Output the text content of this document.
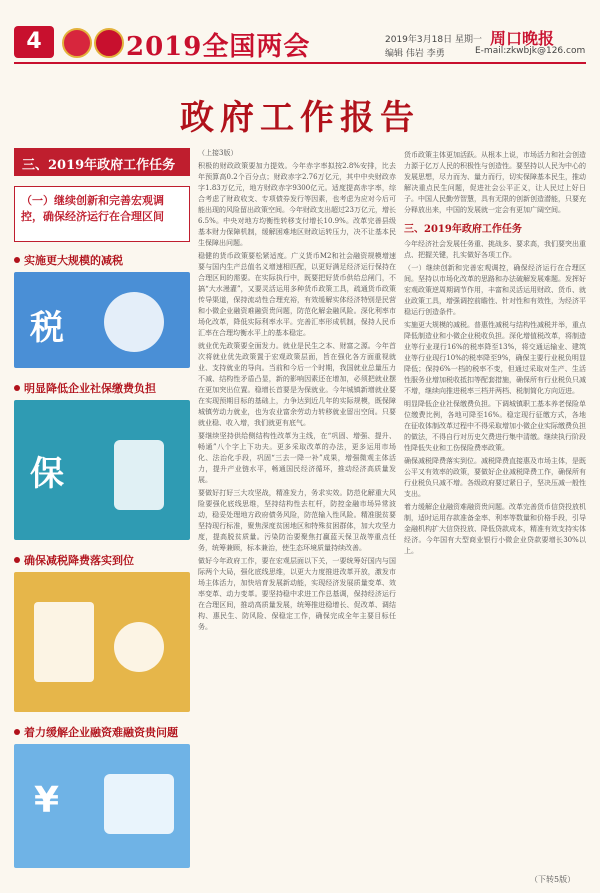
4	2019全国两会	2019年3月18日 星期一 周口晚报
编辑 伟岩 李勇	E-mail:zkwbjk@126.com
政府工作报告
三、2019年政府工作任务
（一）继续创新和完善宏观调控，确保经济运行在合理区间
实施更大规模的减税
税
明显降低企业社保缴费负担
保
确保减税降费落实到位
着力缓解企业融资难融资贵问题
¥
（上接3版）

积极的财政政策要加力提效。今年赤字率拟按2.8%安排，比去年预算高0.2个百分点；财政赤字2.76万亿元，其中中央财政赤字1.83万亿元，地方财政赤字9300亿元。适度提高赤字率，综合考虑了财政收支、专项债券发行等因素，也考虑为应对今后可能出现的风险留出政策空间。今年财政支出超过23万亿元，增长6.5%。中央对地方均衡性转移支付增长10.9%。改革完善县级基本财力保障机制，缓解困难地区财政运转压力，决不让基本民生保障出问题。

稳健的货币政策要松紧适度。广义货币M2和社会融资规模增速要与国内生产总值名义增速相匹配，以更好满足经济运行保持在合理区间的需要。在实际执行中，既要把好货币供给总闸门，不搞“大水漫灌”，又要灵活运用多种货币政策工具，疏通货币政策传导渠道，保持流动性合理充裕，有效缓解实体经济特别是民营和小微企业融资难融资贵问题，防范化解金融风险。深化利率市场化改革，降低实际利率水平。完善汇率形成机制，保持人民币汇率在合理均衡水平上的基本稳定。

就业优先政策要全面发力。就业是民生之本、财富之源。今年首次将就业优先政策置于宏观政策层面，旨在强化各方面重视就业、支持就业的导向。当前和今后一个时期，我国就业总量压力不减、结构性矛盾凸显，新的影响因素还在增加，必须把就业摆在更加突出位置。稳增长首要是为保就业。今年城镇新增就业要在实现预期目标的基础上，力争达到近几年的实际规模，既保障城镇劳动力就业，也为农业富余劳动力转移就业留出空间。只要就业稳、收入增，我们就更有底气。

要继续坚持供给侧结构性改革为主线，在“巩固、增强、提升、畅通”八个字上下功夫。更多采取改革的办法，更多运用市场化、法治化手段，巩固“三去一降一补”成果，增强微观主体活力，提升产业链水平，畅通国民经济循环，推动经济高质量发展。

要做好打好三大攻坚战，精准发力，务求实效。防范化解重大风险要强化底线思维，坚持结构性去杠杆，防控金融市场异常波动，稳妥处理地方政府债务风险，防范输入性风险。精准脱贫要坚持现行标准，聚焦深度贫困地区和特殊贫困群体，加大攻坚力度，提高脱贫质量。污染防治要聚焦打赢蓝天保卫战等重点任务，统筹兼顾，标本兼治，使生态环境质量持续改善。

做好今年政府工作，要在宏观层面以下关，一要统筹好国内与国际两个大局，强化底线思维，以更大力度推进改革开放，激发市场主体活力，加快培育发展新动能，实现经济发展质量变革、效率变革、动力变革。要坚持稳中求进工作总基调，保持经济运行在合理区间，推动高质量发展，统筹推进稳增长、促改革、调结构、惠民生、防风险、保稳定工作，确保完成全年主要目标任务。

货币政策主体更加活跃。从根本上说，市场活力和社会创造力源于亿万人民的积极性与创造性。要坚持以人民为中心的发展思想，尽力而为、量力而行，切实保障基本民生，推动解决重点民生问题，促进社会公平正义，让人民过上好日子。中国人民勤劳智慧，具有无限的创新创造潜能，只要充分释放出来，中国的发展就一定会有更加广阔空间。

三、2019年政府工作任务

今年经济社会发展任务重、挑战多、要求高，我们要突出重点、把握关键，扎实做好各项工作。

（一）继续创新和完善宏观调控，确保经济运行在合理区间。坚持以市场化改革的思路和办法破解发展难题。发挥好宏观政策逆周期调节作用，丰富和灵活运用财政、货币、就业政策工具，增强调控前瞻性、针对性和有效性，为经济平稳运行创造条件。

实施更大规模的减税。普惠性减税与结构性减税并举，重点降低制造业和小微企业税收负担。深化增值税改革，将制造业等行业现行16%的税率降至13%，将交通运输业、建筑业等行业现行10%的税率降至9%，确保主要行业税负明显降低；保持6%一档的税率不变，但通过采取对生产、生活性服务业增加税收抵扣等配套措施，确保所有行业税负只减不增，继续向推进税率三档并两档、税制简化方向迈进。

明显降低企业社保缴费负担。下调城镇职工基本养老保险单位缴费比例，各地可降至16%。稳定现行征缴方式，各地在征收体制改革过程中不得采取增加小微企业实际缴费负担的做法，不得自行对历史欠费进行集中清缴。继续执行阶段性降低失业和工伤保险费率政策。

确保减税降费落实到位。减税降费直接惠及市场主体，是既公平又有效率的政策，要做好企业减税降费工作，确保所有行业税负只减不增。各级政府要过紧日子，坚决压减一般性支出。

着力缓解企业融资难融资贵问题。改革完善货币信贷投放机制，适时运用存款准备金率、利率等数量和价格手段，引导金融机构扩大信贷投放、降低贷款成本，精准有效支持实体经济。今年国有大型商业银行小微企业贷款要增长30%以上。

（下转5版）
